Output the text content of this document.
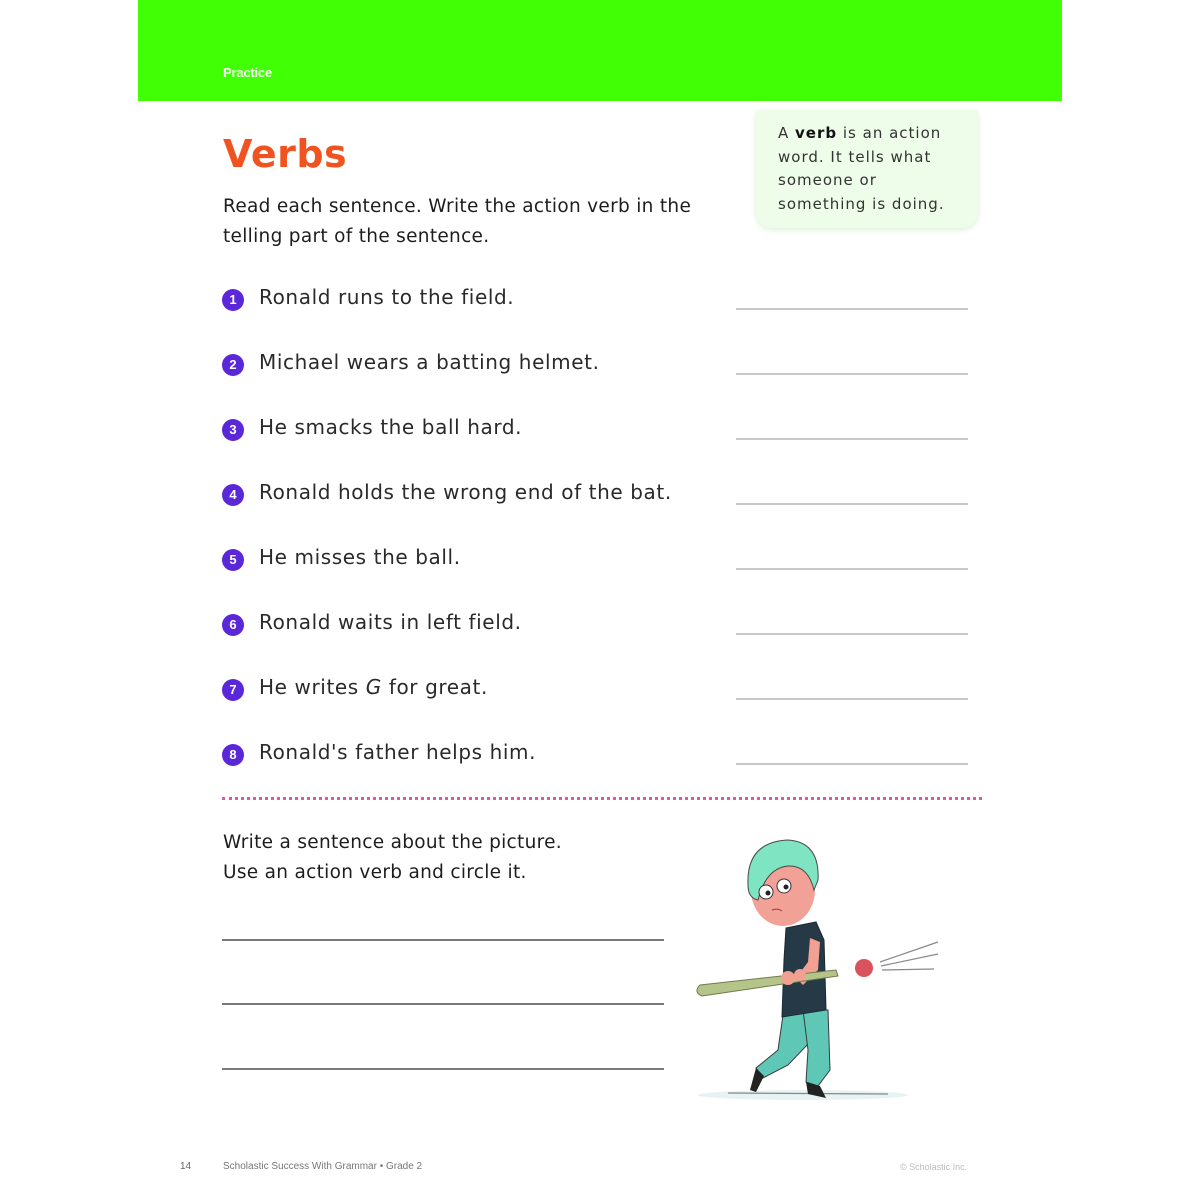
Practice
Verbs
Read each sentence. Write the action verb in the telling part of the sentence.
A verb is an action word. It tells what someone or something is doing.
1	Ronald runs to the field.
2	Michael wears a batting helmet.
3	He smacks the ball hard.
4	Ronald holds the wrong end of the bat.
5	He misses the ball.
6	Ronald waits in left field.
7	He writes G for great.
8	Ronald's father helps him.
Write a sentence about the picture.
Use an action verb and circle it.
14	Scholastic Success With Grammar • Grade 2	© Scholastic Inc.
